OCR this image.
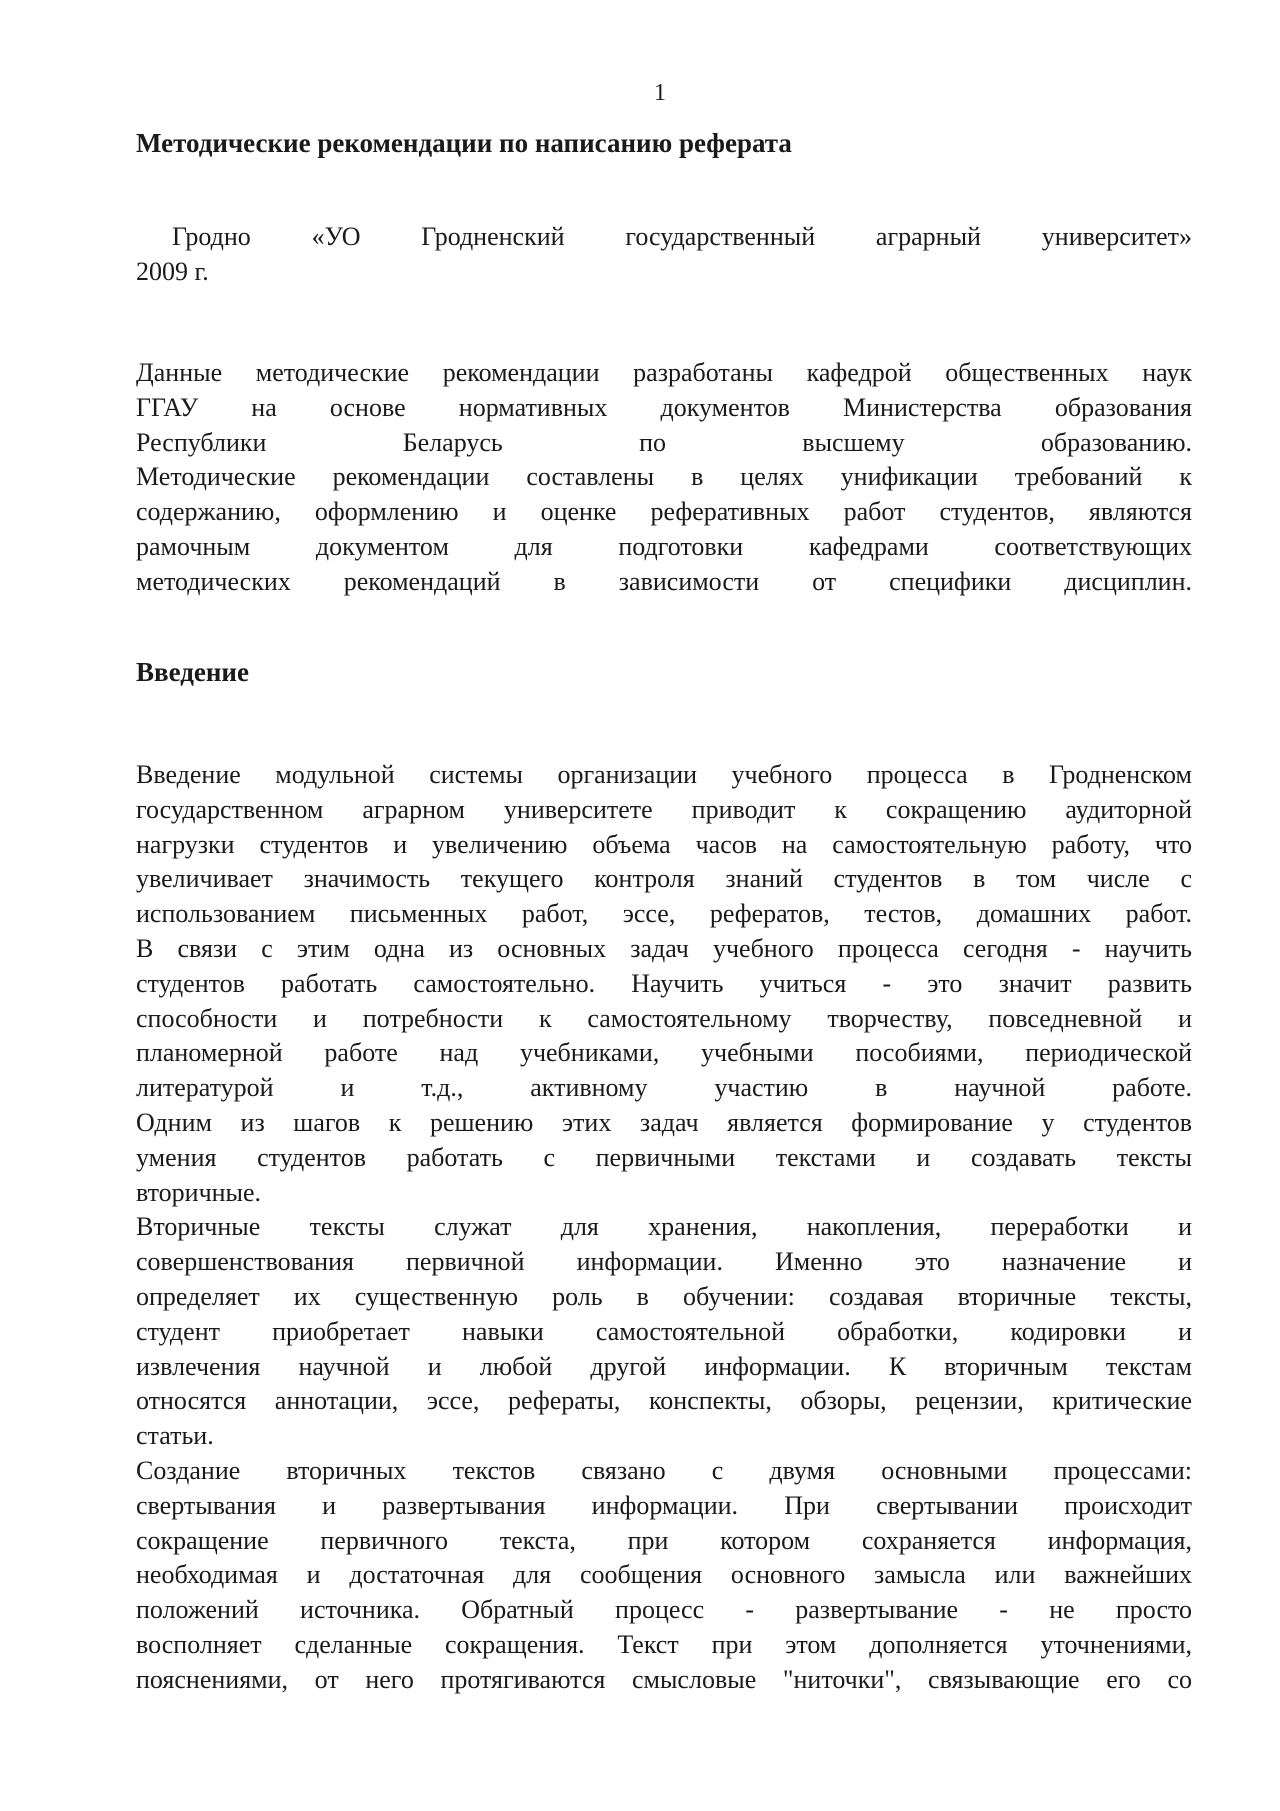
1
Методические рекомендации по написанию реферата
Гродно «УО Гродненский государственный аграрный университет»
2009 г.
Данные методические рекомендации разработаны кафедрой общественных наук
ГГАУ на основе нормативных документов Министерства образования
Республики Беларусь по высшему образованию.
Методические рекомендации составлены в целях унификации требований к
содержанию, оформлению и оценке реферативных работ студентов, являются
рамочным документом для подготовки кафедрами соответствующих
методических рекомендаций в зависимости от специфики дисциплин.
Введение

Введение модульной системы организации учебного процесса в Гродненском
государственном аграрном университете приводит к сокращению аудиторной
нагрузки студентов и увеличению объема часов на самостоятельную работу, что
увеличивает значимость текущего контроля знаний студентов в том числе с
использованием письменных работ, эссе, рефератов, тестов, домашних работ.
В связи с этим одна из основных задач учебного процесса сегодня - научить
студентов работать самостоятельно. Научить учиться - это значит развить
способности и потребности к самостоятельному творчеству, повседневной и
планомерной работе над учебниками, учебными пособиями, периодической
литературой и т.д., активному участию в научной работе.
Одним из шагов к решению этих задач является формирование у студентов
умения студентов работать с первичными текстами и создавать тексты
вторичные.

Вторичные тексты служат для хранения, накопления, переработки и
совершенствования первичной информации. Именно это назначение и
определяет их существенную роль в обучении: создавая вторичные тексты,
студент приобретает навыки самостоятельной обработки, кодировки и
извлечения научной и любой другой информации. К вторичным текстам
относятся аннотации, эссе, рефераты, конспекты, обзоры, рецензии, критические
статьи.

Создание вторичных текстов связано с двумя основными процессами:
свертывания и развертывания информации. При свертывании происходит
сокращение первичного текста, при котором сохраняется информация,
необходимая и достаточная для сообщения основного замысла или важнейших
положений источника. Обратный процесс - развертывание - не просто
восполняет сделанные сокращения. Текст при этом дополняется уточнениями,
пояснениями, от него протягиваются смысловые "ниточки", связывающие его со
